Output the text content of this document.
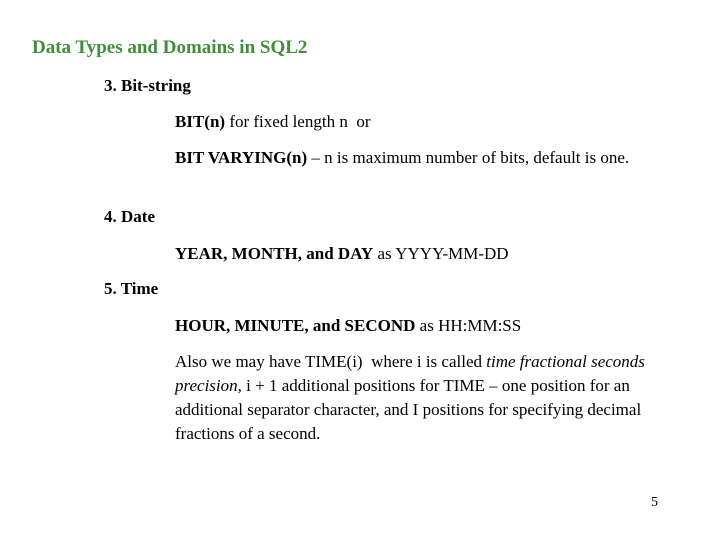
Data Types and Domains in SQL2
3. Bit-string
BIT(n) for fixed length n  or
BIT VARYING(n) – n is maximum number of bits, default is one.
4. Date
YEAR, MONTH, and DAY as YYYY-MM-DD
5. Time
HOUR, MINUTE, and SECOND as HH:MM:SS
Also we may have TIME(i)  where i is called time fractional seconds precision, i + 1 additional positions for TIME – one position for an additional separator character, and I positions for specifying decimal fractions of a second.
5
